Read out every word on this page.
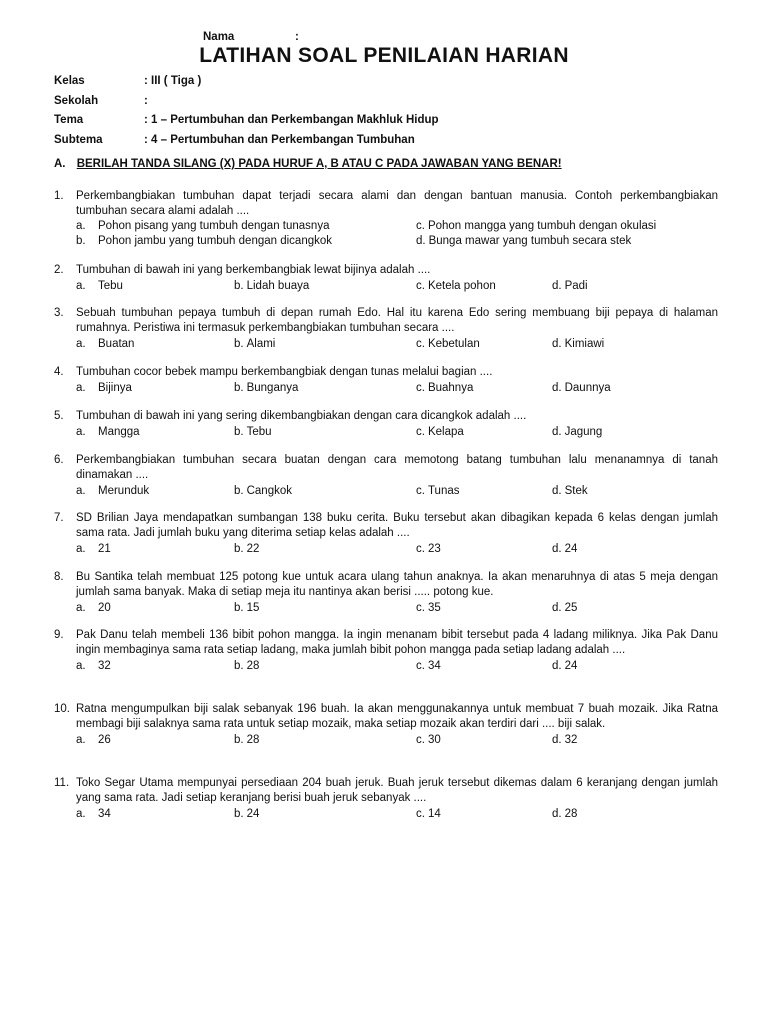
Nama	:
LATIHAN SOAL PENILAIAN HARIAN
Kelas	: III ( Tiga )
Sekolah	:
Tema	: 1 – Pertumbuhan dan Perkembangan Makhluk Hidup
Subtema	: 4 – Pertumbuhan dan Perkembangan Tumbuhan
A. BERILAH TANDA SILANG (X) PADA HURUF A, B ATAU C PADA JAWABAN YANG BENAR!
1. Perkembangbiakan tumbuhan dapat terjadi secara alami dan dengan bantuan manusia. Contoh perkembangbiakan tumbuhan secara alami adalah ....
a. Pohon pisang yang tumbuh dengan tunasnya
b. Pohon jambu yang tumbuh dengan dicangkok
c. Pohon mangga yang tumbuh dengan okulasi
d. Bunga mawar yang tumbuh secara stek
2. Tumbuhan di bawah ini yang berkembangbiak lewat bijinya adalah ....
a. Tebu	b. Lidah buaya	c. Ketela pohon	d. Padi
3. Sebuah tumbuhan pepaya tumbuh di depan rumah Edo. Hal itu karena Edo sering membuang biji pepaya di halaman rumahnya. Peristiwa ini termasuk perkembangbiakan tumbuhan secara ....
a. Buatan	b. Alami	c. Kebetulan	d. Kimiawi
4. Tumbuhan cocor bebek mampu berkembangbiak dengan tunas melalui bagian ....
a. Bijinya	b. Bunganya	c. Buahnya	d. Daunnya
5. Tumbuhan di bawah ini yang sering dikembangbiakan dengan cara dicangkok adalah ....
a. Mangga	b. Tebu	c. Kelapa	d. Jagung
6. Perkembangbiakan tumbuhan secara buatan dengan cara memotong batang tumbuhan lalu menanamnya di tanah dinamakan ....
a. Merunduk	b. Cangkok	c. Tunas	d. Stek
7. SD Brilian Jaya mendapatkan sumbangan 138 buku cerita. Buku tersebut akan dibagikan kepada 6 kelas dengan jumlah sama rata. Jadi jumlah buku yang diterima setiap kelas adalah ....
a. 21	b. 22	c. 23	d. 24
8. Bu Santika telah membuat 125 potong kue untuk acara ulang tahun anaknya. Ia akan menaruhnya di atas 5 meja dengan jumlah sama banyak. Maka di setiap meja itu nantinya akan berisi ..... potong kue.
a. 20	b. 15	c. 35	d. 25
9. Pak Danu telah membeli 136 bibit pohon mangga. Ia ingin menanam bibit tersebut pada 4 ladang miliknya. Jika Pak Danu ingin membaginya sama rata setiap ladang, maka jumlah bibit pohon mangga pada setiap ladang adalah ....
a. 32	b. 28	c. 34	d. 24
10. Ratna mengumpulkan biji salak sebanyak 196 buah. Ia akan menggunakannya untuk membuat 7 buah mozaik. Jika Ratna membagi biji salaknya sama rata untuk setiap mozaik, maka setiap mozaik akan terdiri dari .... biji salak.
a. 26	b. 28	c. 30	d. 32
11. Toko Segar Utama mempunyai persediaan 204 buah jeruk. Buah jeruk tersebut dikemas dalam 6 keranjang dengan jumlah yang sama rata. Jadi setiap keranjang berisi buah jeruk sebanyak ....
a. 34	b. 24	c. 14	d. 28
